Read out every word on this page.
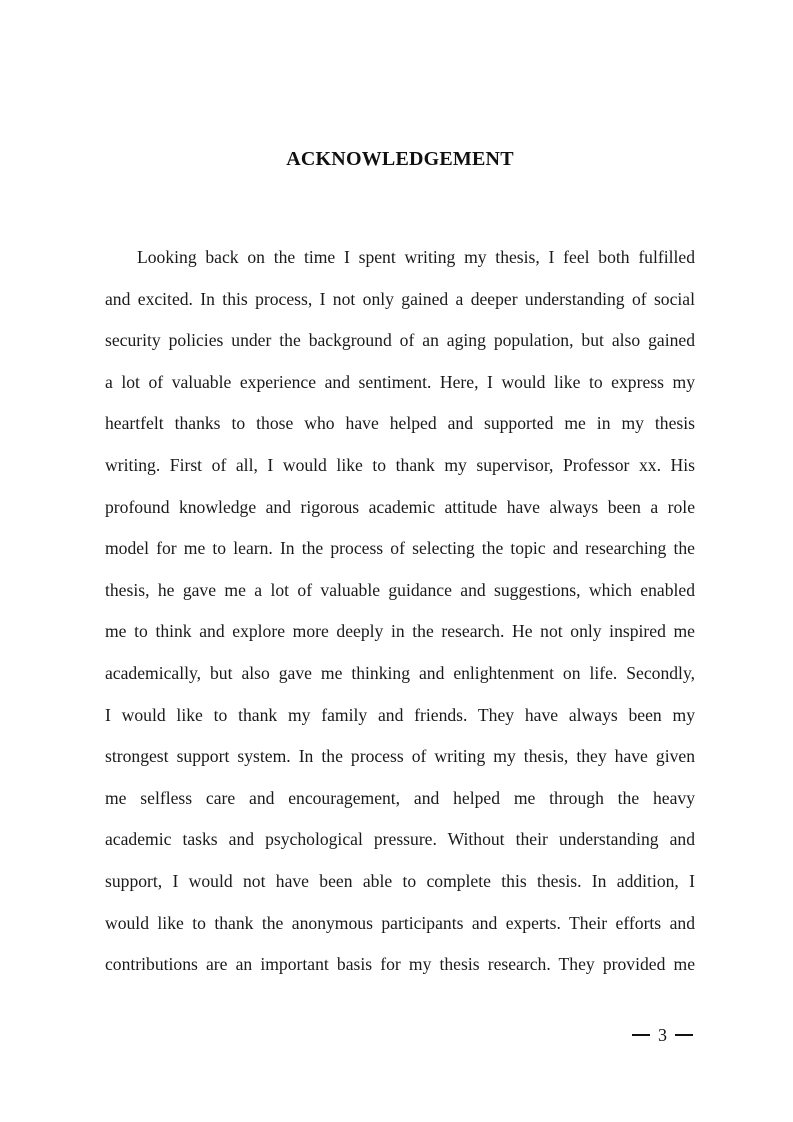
ACKNOWLEDGEMENT

Looking back on the time I spent writing my thesis, I feel both fulfilled
and excited. In this process, I not only gained a deeper understanding of social
security policies under the background of an aging population, but also gained
a lot of valuable experience and sentiment. Here, I would like to express my
heartfelt thanks to those who have helped and supported me in my thesis
writing. First of all, I would like to thank my supervisor, Professor xx. His
profound knowledge and rigorous academic attitude have always been a role
model for me to learn. In the process of selecting the topic and researching the
thesis, he gave me a lot of valuable guidance and suggestions, which enabled
me to think and explore more deeply in the research. He not only inspired me
academically, but also gave me thinking and enlightenment on life. Secondly,
I would like to thank my family and friends. They have always been my
strongest support system. In the process of writing my thesis, they have given
me selfless care and encouragement, and helped me through the heavy
academic tasks and psychological pressure. Without their understanding and
support, I would not have been able to complete this thesis. In addition, I
would like to thank the anonymous participants and experts. Their efforts and
contributions are an important basis for my thesis research. They provided me

3
